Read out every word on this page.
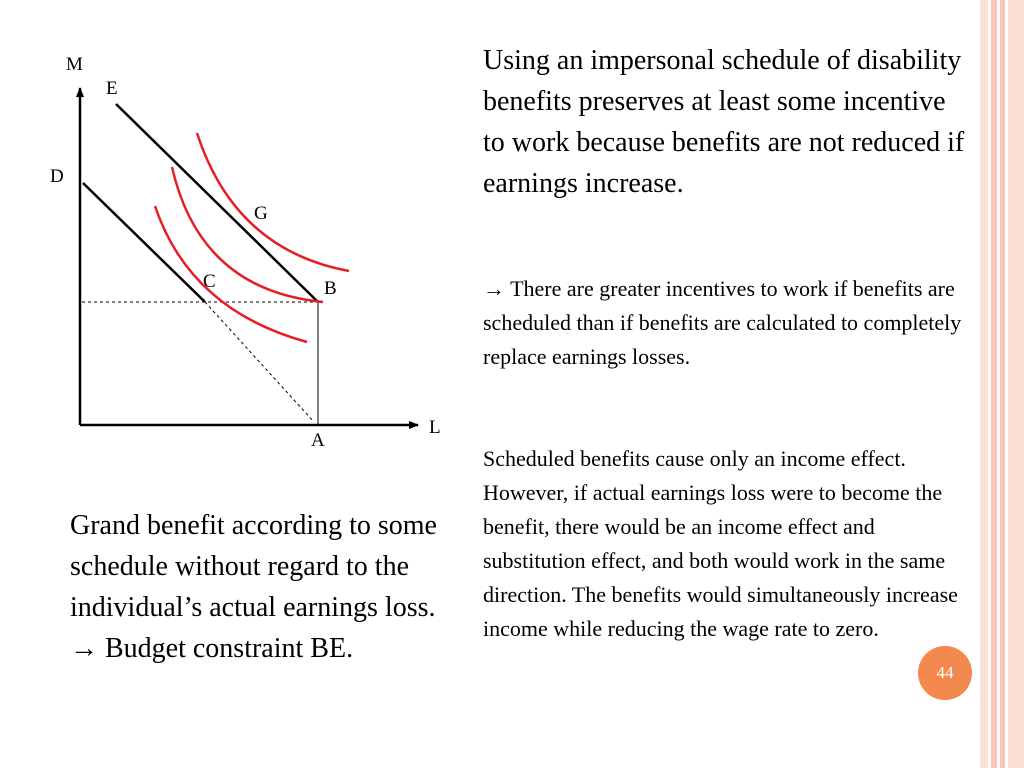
M
L
E
D
G
C	B
A

Using an impersonal schedule of disability benefits preserves at least some incentive to work because benefits are not reduced if earnings increase.

→ There are greater incentives to work if benefits are scheduled than if benefits are calculated to completely replace earnings losses.

Scheduled benefits cause only an income effect. However, if actual earnings loss were to become the benefit, there would be an income effect and substitution effect, and both would work in the same direction. The benefits would simultaneously increase income while reducing the wage rate to zero.

Grand benefit according to some schedule without regard to the individual’s actual earnings loss.
→ Budget constraint BE.
44
